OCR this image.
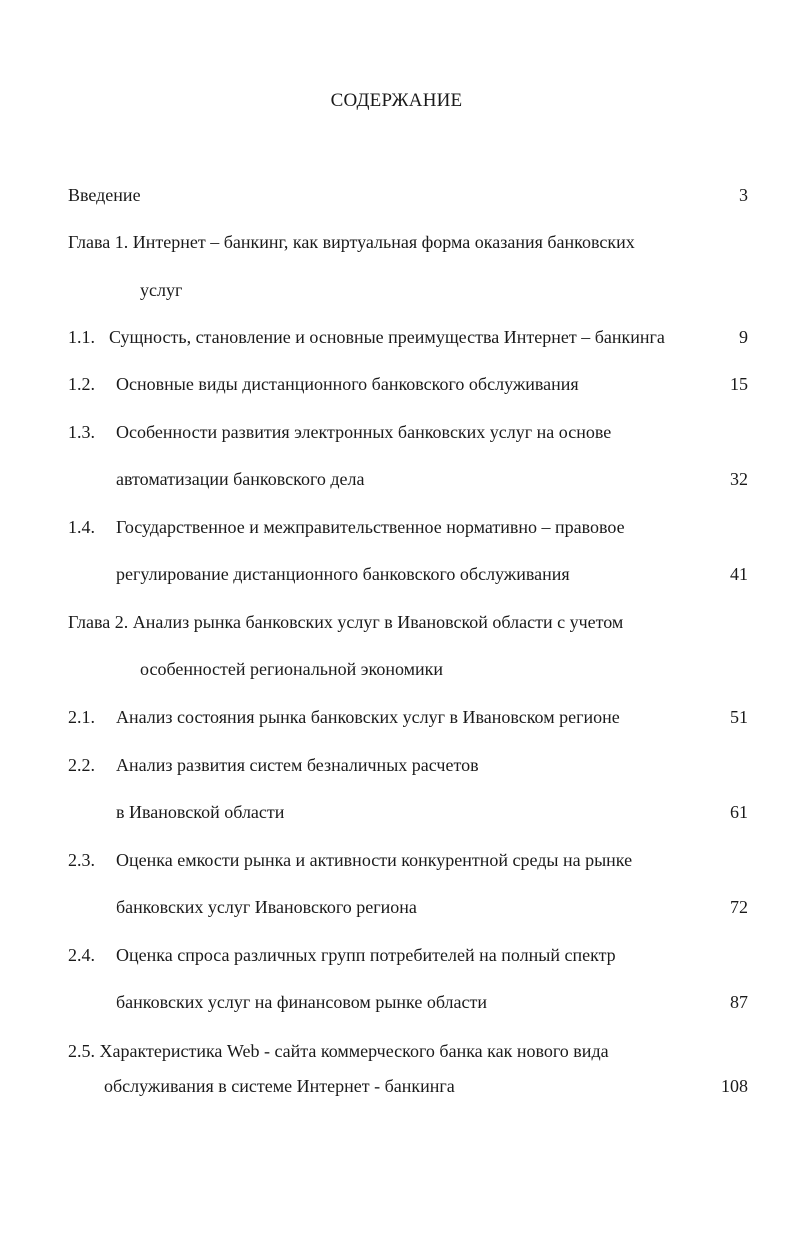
СОДЕРЖАНИЕ
Введение	3
Глава 1. Интернет – банкинг, как виртуальная форма оказания банковских
услуг
1.1. Сущность, становление и основные преимущества Интернет – банкинга	9
1.2. Основные виды дистанционного банковского обслуживания	15
1.3. Особенности развития электронных банковских услуг на основе
автоматизации банковского дела	32
1.4. Государственное и межправительственное нормативно – правовое
регулирование дистанционного банковского обслуживания	41
Глава 2. Анализ рынка банковских услуг в Ивановской области с учетом
особенностей региональной экономики
2.1. Анализ состояния рынка банковских услуг в Ивановском регионе	51
2.2. Анализ развития систем безналичных расчетов
в Ивановской области	61
2.3. Оценка емкости рынка и активности конкурентной среды на рынке
банковских услуг Ивановского региона	72
2.4. Оценка спроса различных групп потребителей на полный спектр
банковских услуг на финансовом рынке области	87
2.5. Характеристика Web - сайта коммерческого банка как нового вида
обслуживания в системе Интернет - банкинга	108
